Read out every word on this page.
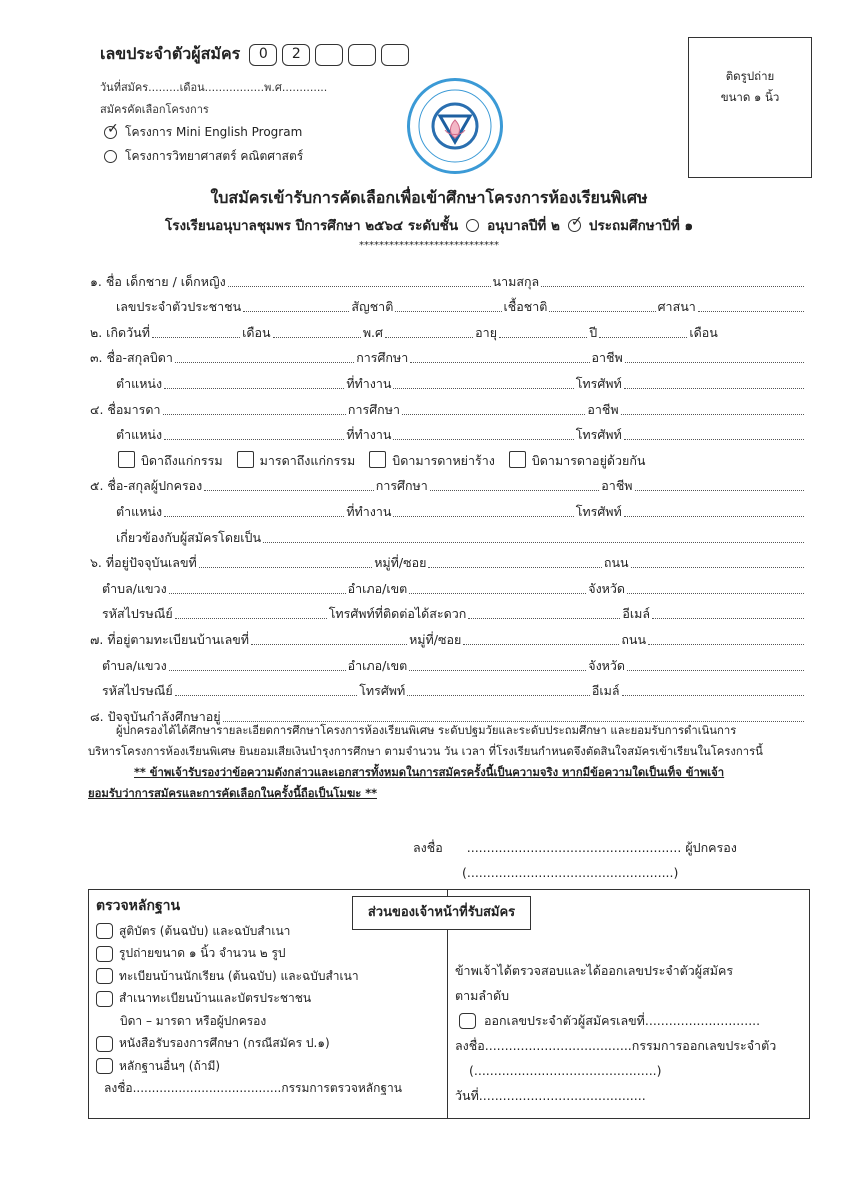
เลขประจำตัวผู้สมัคร	0	2
วันที่สมัคร.........เดือน.................พ.ศ.............
สมัครคัดเลือกโครงการ
✓
โครงการ Mini English Program
โครงการวิทยาศาสตร์ คณิตศาสตร์
ติดรูปถ่าย
ขนาด ๑ นิ้ว
ใบสมัครเข้ารับการคัดเลือกเพื่อเข้าศึกษาโครงการห้องเรียนพิเศษ
โรงเรียนอนุบาลชุมพร ปีการศึกษา ๒๕๖๔ ระดับชั้น อนุบาลปีที่ ๒ ✓ ประถมศึกษาปีที่ ๑
****************************
๑. ชื่อ เด็กชาย / เด็กหญิง	นามสกุล
เลขประจำตัวประชาชน	สัญชาติ	เชื้อชาติ	ศาสนา
๒. เกิดวันที่	เดือน	พ.ศ	อายุ	ปี	เดือน
๓. ชื่อ-สกุลบิดา	การศึกษา	อาชีพ
ตำแหน่ง	ที่ทำงาน	โทรศัพท์
๔. ชื่อมารดา	การศึกษา	อาชีพ
ตำแหน่ง	ที่ทำงาน	โทรศัพท์
บิดาถึงแก่กรรม	มารดาถึงแก่กรรม	บิดามารดาหย่าร้าง	บิดามารดาอยู่ด้วยกัน
๕. ชื่อ-สกุลผู้ปกครอง	การศึกษา	อาชีพ
ตำแหน่ง	ที่ทำงาน	โทรศัพท์
เกี่ยวข้องกับผู้สมัครโดยเป็น
๖. ที่อยู่ปัจจุบันเลขที่	หมู่ที่/ซอย	ถนน
ตำบล/แขวง	อำเภอ/เขต	จังหวัด
รหัสไปรษณีย์	โทรศัพท์ที่ติดต่อได้สะดวก	อีเมล์
๗. ที่อยู่ตามทะเบียนบ้านเลขที่	หมู่ที่/ซอย	ถนน
ตำบล/แขวง	อำเภอ/เขต	จังหวัด
รหัสไปรษณีย์	โทรศัพท์	อีเมล์
๘. ปัจจุบันกำลังศึกษาอยู่
ผู้ปกครองได้ได้ศึกษารายละเอียดการศึกษาโครงการห้องเรียนพิเศษ ระดับปฐมวัยและระดับประถมศึกษา และยอมรับการดำเนินการ
บริหารโครงการห้องเรียนพิเศษ ยินยอมเสียเงินบำรุงการศึกษา ตามจำนวน วัน เวลา ที่โรงเรียนกำหนดจึงตัดสินใจสมัครเข้าเรียนในโครงการนี้
** ข้าพเจ้ารับรองว่าข้อความดังกล่าวและเอกสารทั้งหมดในการสมัครครั้งนี้เป็นความจริง หากมีข้อความใดเป็นเท็จ ข้าพเจ้า
ยอมรับว่าการสมัครและการคัดเลือกในครั้งนี้ถือเป็นโมฆะ **
ลงชื่อ ...................................................... ผู้ปกครอง
(....................................................)
ส่วนของเจ้าหน้าที่รับสมัคร
ตรวจหลักฐาน
สูติบัตร (ต้นฉบับ) และฉบับสำเนา
รูปถ่ายขนาด ๑ นิ้ว จำนวน ๒ รูป
ทะเบียนบ้านนักเรียน (ต้นฉบับ) และฉบับสำเนา
สำเนาทะเบียนบ้านและบัตรประชาชน
บิดา – มารดา หรือผู้ปกครอง
หนังสือรับรองการศึกษา (กรณีสมัคร ป.๑)
หลักฐานอื่นๆ (ถ้ามี)
ลงชื่อ.......................................กรรมการตรวจหลักฐาน
ข้าพเจ้าได้ตรวจสอบและได้ออกเลขประจำตัวผู้สมัคร
ตามลำดับ
ออกเลขประจำตัวผู้สมัครเลขที่.............................
ลงชื่อ.....................................กรรมการออกเลขประจำตัว
(..............................................)
วันที่..........................................
